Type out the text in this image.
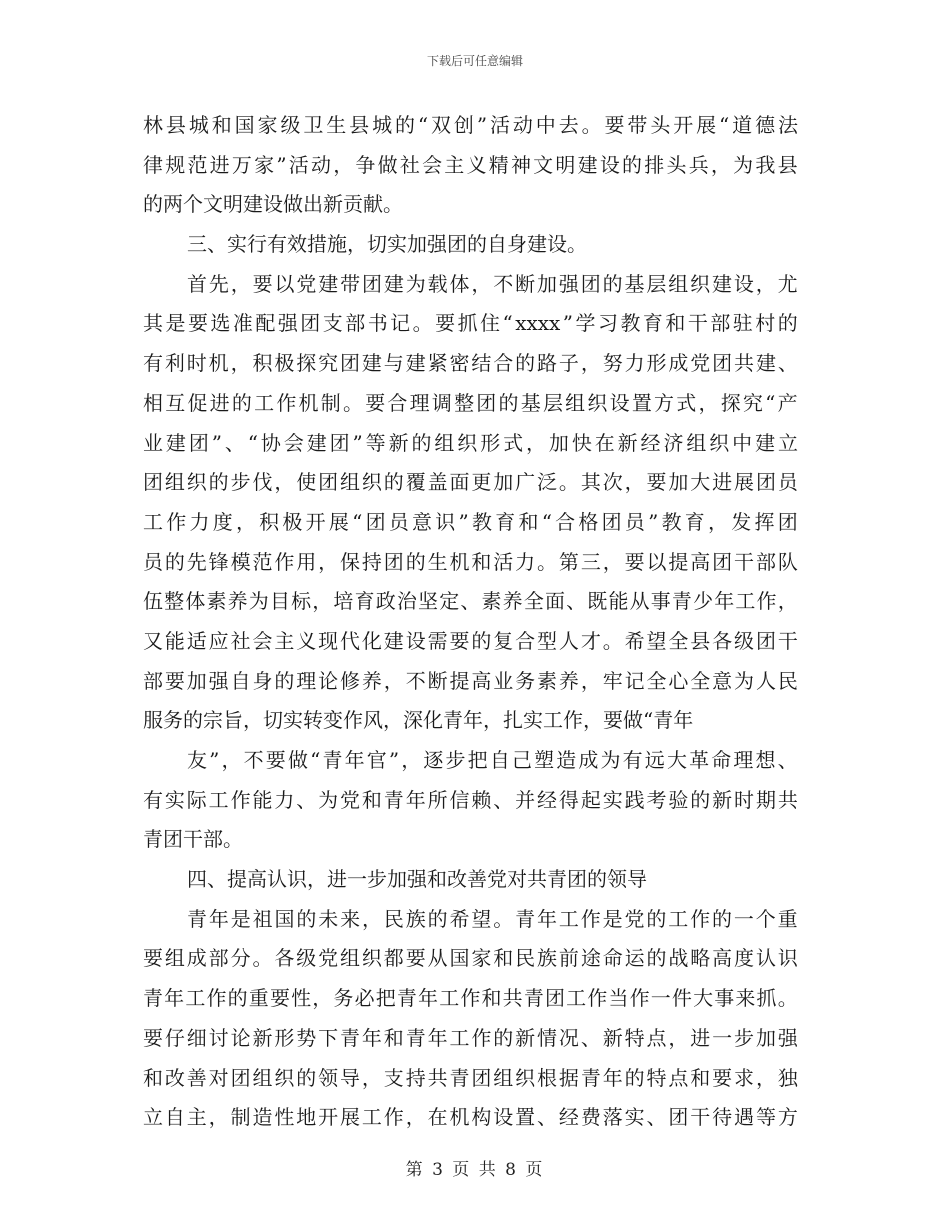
下载后可任意编辑
林 县 城 和 国 家 级 卫 生 县 城 的 “ 双 创 ” 活 动 中 去 。 要 带 头 开 展 “ 道 德 法
律 规 范 进 万 家 ” 活 动 ， 争 做 社 会 主 义 精 神 文 明 建 设 的 排 头 兵 ， 为 我 县
的两个文明建设做出新贡献。
三、实行有效措施，切实加强团的自身建设。
首 先 ， 要 以 党 建 带 团 建 为 载 体 ， 不 断 加 强 团 的 基 层 组 织 建 设 ， 尤
其 是 要 选 准 配 强 团 支 部 书 记 。 要 抓 住 “ xxxx ” 学 习 教 育 和 干 部 驻 村 的
有 利 时 机 ， 积 极 探 究 团 建 与 建 紧 密 结 合 的 路 子 ， 努 力 形 成 党 团 共 建 、
相 互 促 进 的 工 作 机 制 。 要 合 理 调 整 团 的 基 层 组 织 设 置 方 式 ， 探 究 “ 产
业 建 团 ” 、 “ 协 会 建 团 ” 等 新 的 组 织 形 式 ， 加 快 在 新 经 济 组 织 中 建 立
团 组 织 的 步 伐 ， 使 团 组 织 的 覆 盖 面 更 加 广 泛 。 其 次 ， 要 加 大 进 展 团 员
工 作 力 度 ， 积 极 开 展 “ 团 员 意 识 ” 教 育 和 “ 合 格 团 员 ” 教 育 ， 发 挥 团
员 的 先 锋 模 范 作 用 ， 保 持 团 的 生 机 和 活 力 。 第 三 ， 要 以 提 高 团 干 部 队
伍 整 体 素 养 为 目 标 ， 培 育 政 治 坚 定 、 素 养 全 面 、 既 能 从 事 青 少 年 工 作 ，
又 能 适 应 社 会 主 义 现 代 化 建 设 需 要 的 复 合 型 人 才 。 希 望 全 县 各 级 团 干
部 要 加 强 自 身 的 理 论 修 养 ， 不 断 提 高 业 务 素 养 ， 牢 记 全 心 全 意 为 人 民
服务的宗旨，切实转变作风，深化青年，扎实工作，要做“青年
友 ” ， 不 要 做 “ 青 年 官 ” ， 逐 步 把 自 己 塑 造 成 为 有 远 大 革 命 理 想 、
有 实 际 工 作 能 力 、 为 党 和 青 年 所 信 赖 、 并 经 得 起 实 践 考 验 的 新 时 期 共
青团干部。
四、提高认识，进一步加强和改善党对共青团的领导
青 年 是 祖 国 的 未 来 ， 民 族 的 希 望 。 青 年 工 作 是 党 的 工 作 的 一 个 重
要 组 成 部 分 。 各 级 党 组 织 都 要 从 国 家 和 民 族 前 途 命 运 的 战 略 高 度 认 识
青 年 工 作 的 重 要 性 ， 务 必 把 青 年 工 作 和 共 青 团 工 作 当 作 一 件 大 事 来 抓 。
要 仔 细 讨 论 新 形 势 下 青 年 和 青 年 工 作 的 新 情 况 、 新 特 点 ， 进 一 步 加 强
和 改 善 对 团 组 织 的 领 导 ， 支 持 共 青 团 组 织 根 据 青 年 的 特 点 和 要 求 ， 独
立 自 主 ， 制 造 性 地 开 展 工 作 ， 在 机 构 设 置 、 经 费 落 实 、 团 干 待 遇 等 方
第 3 页 共 8 页
